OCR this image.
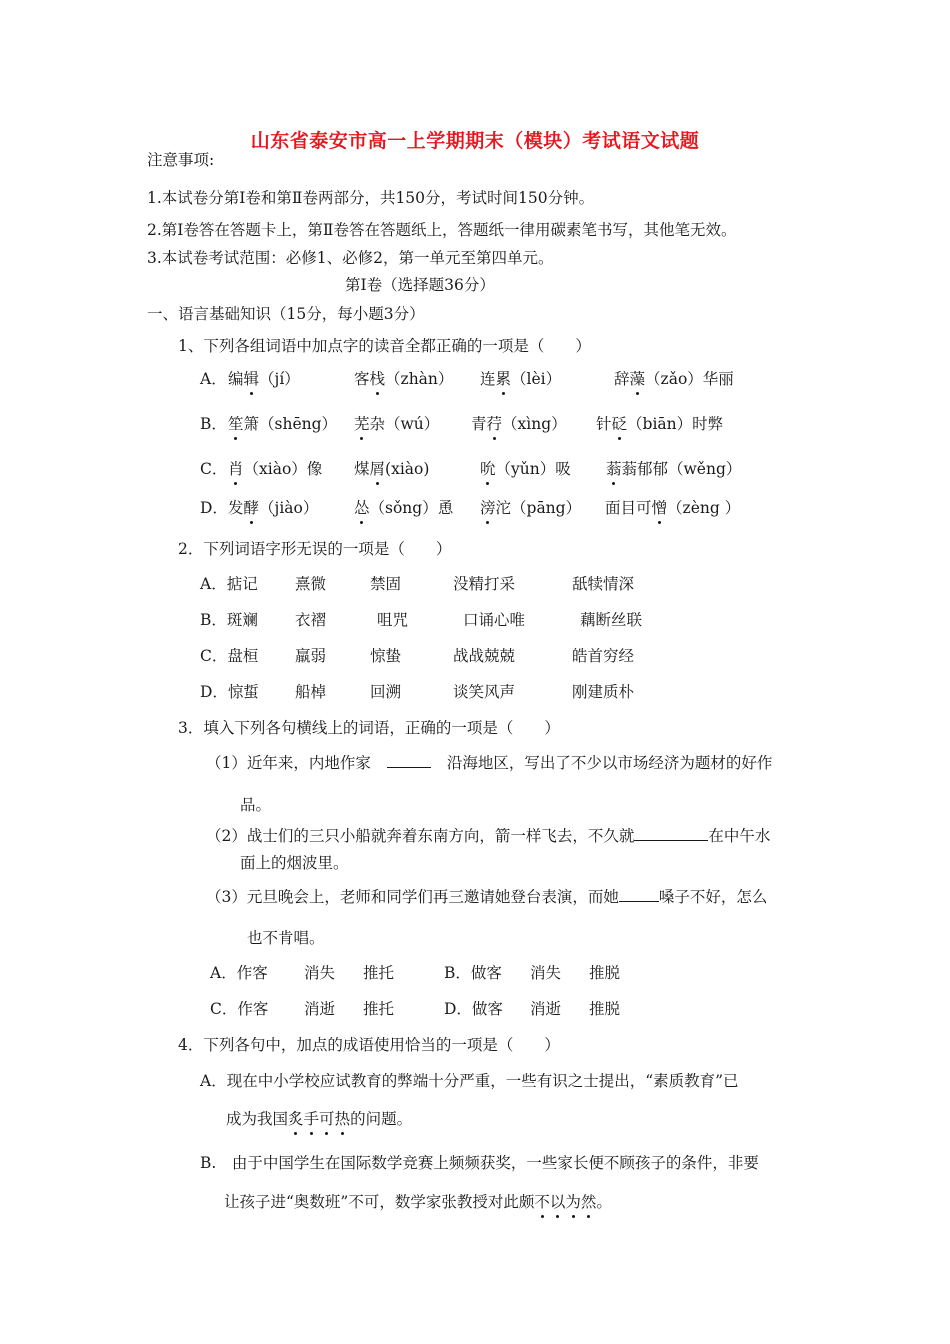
山东省泰安市高一上学期期末（模块）考试语文试题
注意事项:
1.本试卷分第Ⅰ卷和第Ⅱ卷两部分，共150分，考试时间150分钟。
2.第Ⅰ卷答在答题卡上，第Ⅱ卷答在答题纸上，答题纸一律用碳素笔书写，其他笔无效。
3.本试卷考试范围：必修1、必修2，第一单元至第四单元。
第Ⅰ卷（选择题36分）
一、语言基础知识（15分，每小题3分）
1、下列各组词语中加点字的读音全都正确的一项是（　　）
A． 编辑（jí）	客栈（zhàn） 连累（lèi）	辞藻（zǎo）华丽
B． 笙箫（shēng） 芜杂（wú） 青荇（xìng） 针砭（biān）时弊
C． 肖（xiào）像 煤屑(xiào)	吮（yǔn）吸 蓊蓊郁郁（wěng）
D． 发酵（jiào） 怂（sǒng）恿 滂沱（pāng） 面目可憎（zèng ）
2．下列词语字形无误的一项是（　　）
A．掂记 熹微	禁固	没精打采	舐犊情深
B．斑斓 衣褶	咀咒	口诵心唯	藕断丝联
C．盘桓 羸弱	惊蛰	战战兢兢	皓首穷经
D．惊蜇 船棹	回溯	谈笑风声	刚建质朴
3．填入下列各句横线上的词语，正确的一项是（　　）
（1）近年来，内地作家	沿海地区，写出了不少以市场经济为题材的好作
品。
（2）战士们的三只小船就奔着东南方向，箭一样飞去，不久就	在中午水
面上的烟波里。
（3）元旦晚会上，老师和同学们再三邀请她登台表演，而她	嗓子不好，怎么
也不肯唱。
A．作客 消失 推托	B．做客 消失 推脱
C．作客 消逝 推托	D．做客 消逝 推脱
4．下列各句中，加点的成语使用恰当的一项是（　　）
A．现在中小学校应试教育的弊端十分严重，一些有识之士提出，“素质教育”已
成为我国炙手可热的问题。
B.　由于中国学生在国际数学竞赛上频频获奖，一些家长便不顾孩子的条件，非要
让孩子进“奥数班”不可，数学家张教授对此颇不以为然。
